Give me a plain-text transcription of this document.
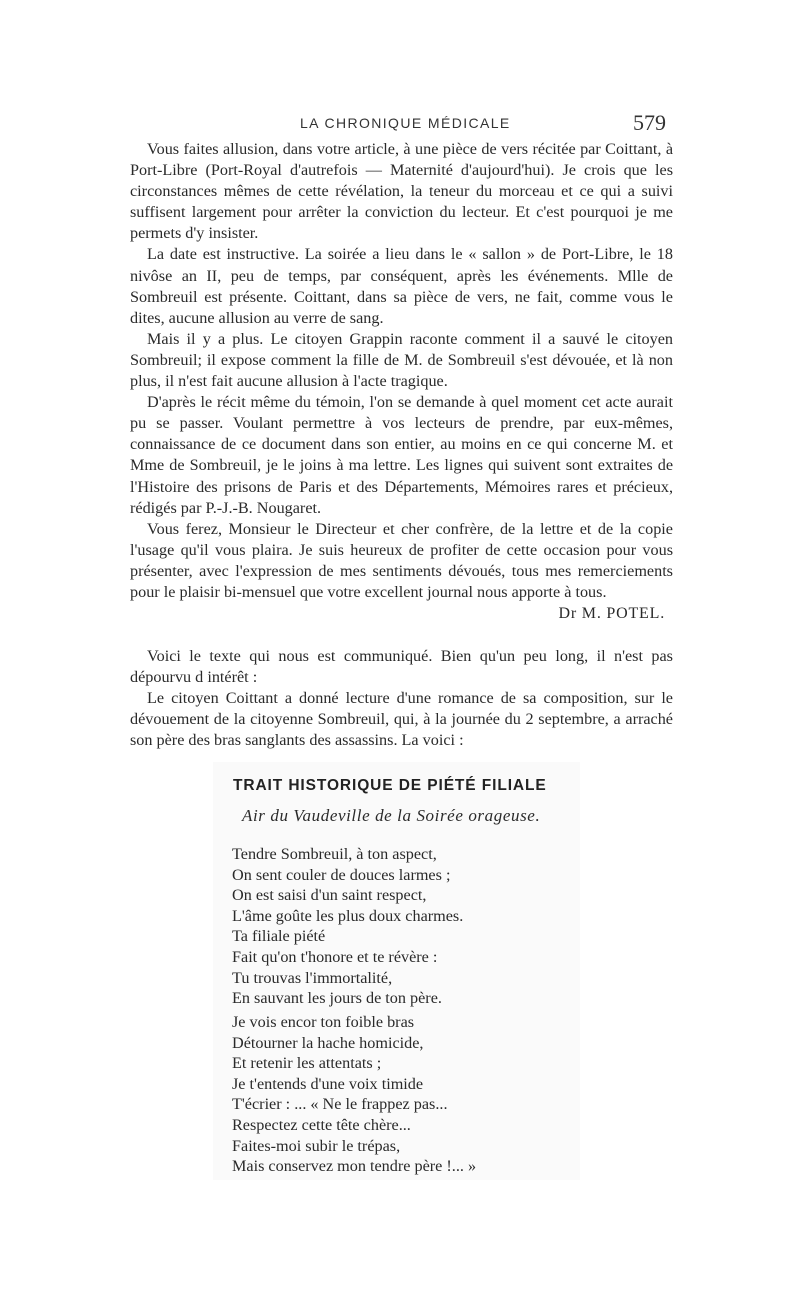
LA CHRONIQUE MÉDICALE	579

Vous faites allusion, dans votre article, à une pièce de vers récitée par Coittant, à Port-Libre (Port-Royal d'autrefois — Maternité d'aujourd'hui). Je crois que les circonstances mêmes de cette révélation, la teneur du morceau et ce qui a suivi suffisent largement pour arrêter la conviction du lecteur. Et c'est pourquoi je me permets d'y insister.

La date est instructive. La soirée a lieu dans le « sallon » de Port-Libre, le 18 nivôse an II, peu de temps, par conséquent, après les événements. Mlle de Sombreuil est présente. Coittant, dans sa pièce de vers, ne fait, comme vous le dites, aucune allusion au verre de sang.

Mais il y a plus. Le citoyen Grappin raconte comment il a sauvé le citoyen Sombreuil; il expose comment la fille de M. de Sombreuil s'est dévouée, et là non plus, il n'est fait aucune allusion à l'acte tragique.

D'après le récit même du témoin, l'on se demande à quel moment cet acte aurait pu se passer. Voulant permettre à vos lecteurs de prendre, par eux-mêmes, connaissance de ce document dans son entier, au moins en ce qui concerne M. et Mme de Sombreuil, je le joins à ma lettre. Les lignes qui suivent sont extraites de l'Histoire des prisons de Paris et des Départements, Mémoires rares et précieux, rédigés par P.-J.-B. Nougaret.

Vous ferez, Monsieur le Directeur et cher confrère, de la lettre et de la copie l'usage qu'il vous plaira. Je suis heureux de profiter de cette occasion pour vous présenter, avec l'expression de mes sentiments dévoués, tous mes remerciements pour le plaisir bi-mensuel que votre excellent journal nous apporte à tous.

Dr M. POTEL.

Voici le texte qui nous est communiqué. Bien qu'un peu long, il n'est pas dépourvu d intérêt :

Le citoyen Coittant a donné lecture d'une romance de sa composition, sur le dévouement de la citoyenne Sombreuil, qui, à la journée du 2 septembre, a arraché son père des bras sanglants des assassins. La voici :

TRAIT HISTORIQUE DE PIÉTÉ FILIALE

Air du Vaudeville de la Soirée orageuse.

Tendre Sombreuil, à ton aspect,
On sent couler de douces larmes ;
On est saisi d'un saint respect,
L'âme goûte les plus doux charmes.
Ta filiale piété
Fait qu'on t'honore et te révère :
Tu trouvas l'immortalité,
En sauvant les jours de ton père.
Je vois encor ton foible bras
Détourner la hache homicide,
Et retenir les attentats ;
Je t'entends d'une voix timide
T'écrier : ... « Ne le frappez pas...
Respectez cette tête chère...
Faites-moi subir le trépas,
Mais conservez mon tendre père !... »
